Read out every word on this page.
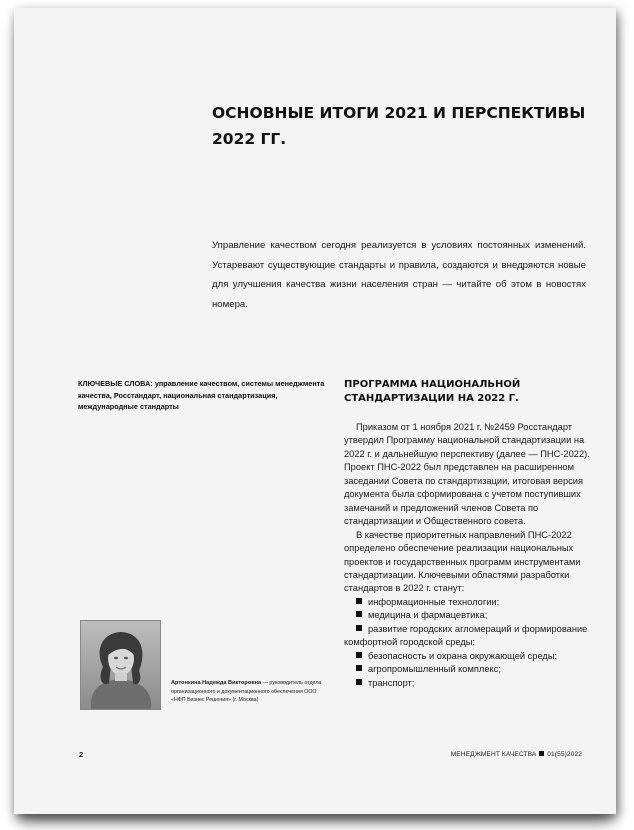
ОСНОВНЫЕ ИТОГИ 2021 И ПЕРСПЕКТИВЫ 2022 ГГ.

Управление качеством сегодня реализуется в условиях постоянных изменений. Устаревают существующие стандарты и правила, создаются и внедряются новые для улучшения качества жизни населения стран — читайте об этом в новостях номера.

КЛЮЧЕВЫЕ СЛОВА: управление качеством, системы менеджмента качества, Росстандарт, национальная стандартизация, международные стандарты

ПРОГРАММА НАЦИОНАЛЬНОЙ СТАНДАРТИЗАЦИИ НА 2022 Г.

Приказом от 1 ноября 2021 г. №2459 Росстандарт утвердил Программу национальной стандартизации на 2022 г. и дальнейшую перспективу (далее — ПНС-2022). Проект ПНС-2022 был представлен на расширенном заседании Совета по стандартизации, итоговая версия документа была сформирована с учетом поступивших замечаний и предложений членов Совета по стандартизации и Общественного совета.

В качестве приоритетных направлений ПНС-2022 определено обеспечение реализации национальных проектов и государственных программ инструментами стандартизации. Ключевыми областями разработки стандартов в 2022 г. станут:

информационные технологии;
медицина и фармацевтика;
развитие городских агломераций и формирование комфортной городской среды;
безопасность и охрана окружающей среды;
агропромышленный комплекс;
транспорт;

Артонкина Надежда Викторовна — руководитель отдела организационного и документационного обеспечения ООО «НФП Бизнес Решения» (г. Москва)

2	МЕНЕДЖМЕНТ КАЧЕСТВА 01(55)2022
